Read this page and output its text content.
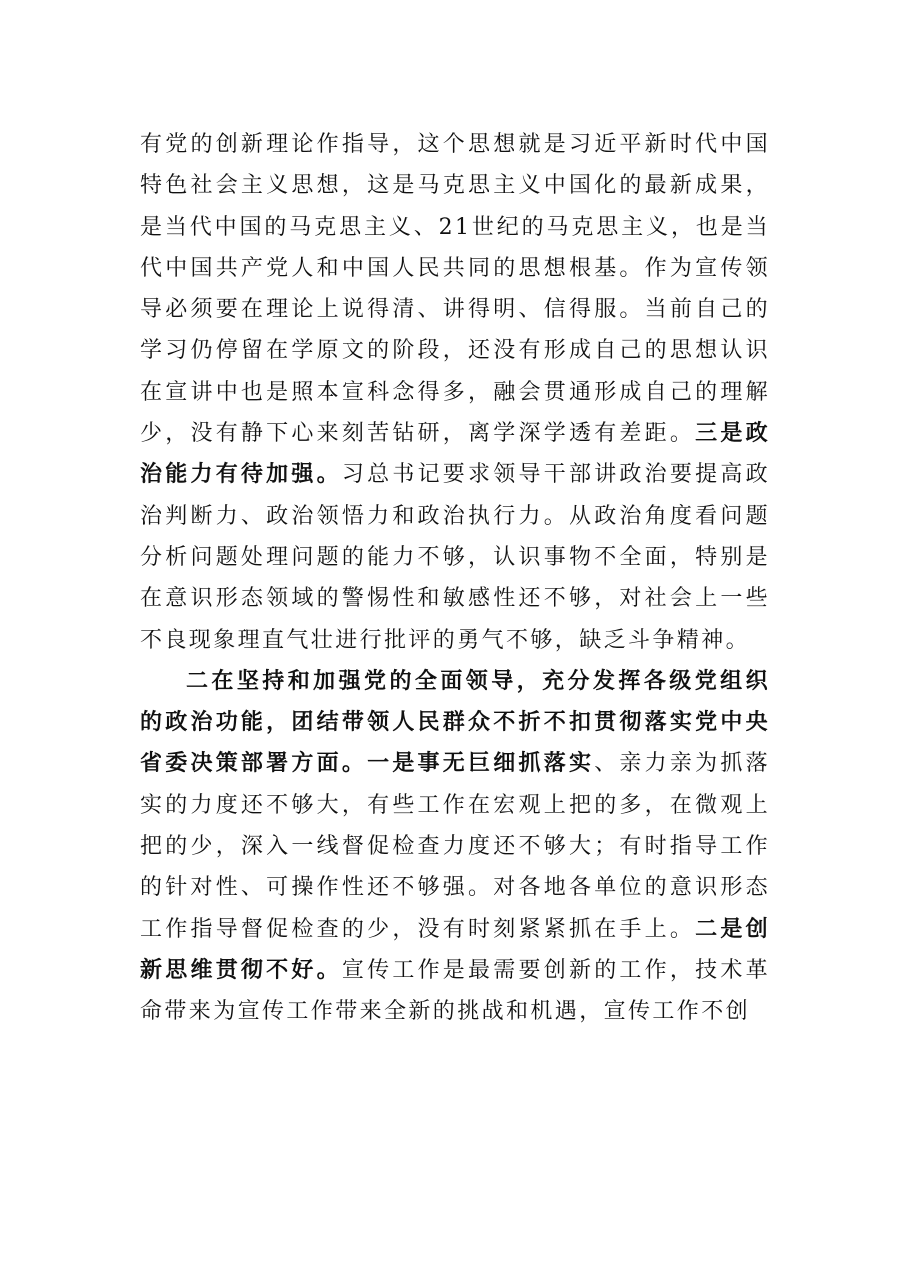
有党的创新理论作指导，这个思想就是习近平新时代中国特色社会主义思想，这是马克思主义中国化的最新成果，是当代中国的马克思主义、21世纪的马克思主义，也是当代中国共产党人和中国人民共同的思想根基。作为宣传领导必须要在理论上说得清、讲得明、信得服。当前自己的学习仍停留在学原文的阶段，还没有形成自己的思想认识在宣讲中也是照本宣科念得多，融会贯通形成自己的理解少，没有静下心来刻苦钻研，离学深学透有差距。三是政治能力有待加强。习总书记要求领导干部讲政治要提高政治判断力、政治领悟力和政治执行力。从政治角度看问题分析问题处理问题的能力不够，认识事物不全面，特别是在意识形态领域的警惕性和敏感性还不够，对社会上一些不良现象理直气壮进行批评的勇气不够，缺乏斗争精神。

二在坚持和加强党的全面领导，充分发挥各级党组织的政治功能，团结带领人民群众不折不扣贯彻落实党中央省委决策部署方面。一是事无巨细抓落实、亲力亲为抓落实的力度还不够大，有些工作在宏观上把的多，在微观上把的少，深入一线督促检查力度还不够大；有时指导工作的针对性、可操作性还不够强。对各地各单位的意识形态工作指导督促检查的少，没有时刻紧紧抓在手上。二是创新思维贯彻不好。宣传工作是最需要创新的工作，技术革命带来为宣传工作带来全新的挑战和机遇，宣传工作不创
